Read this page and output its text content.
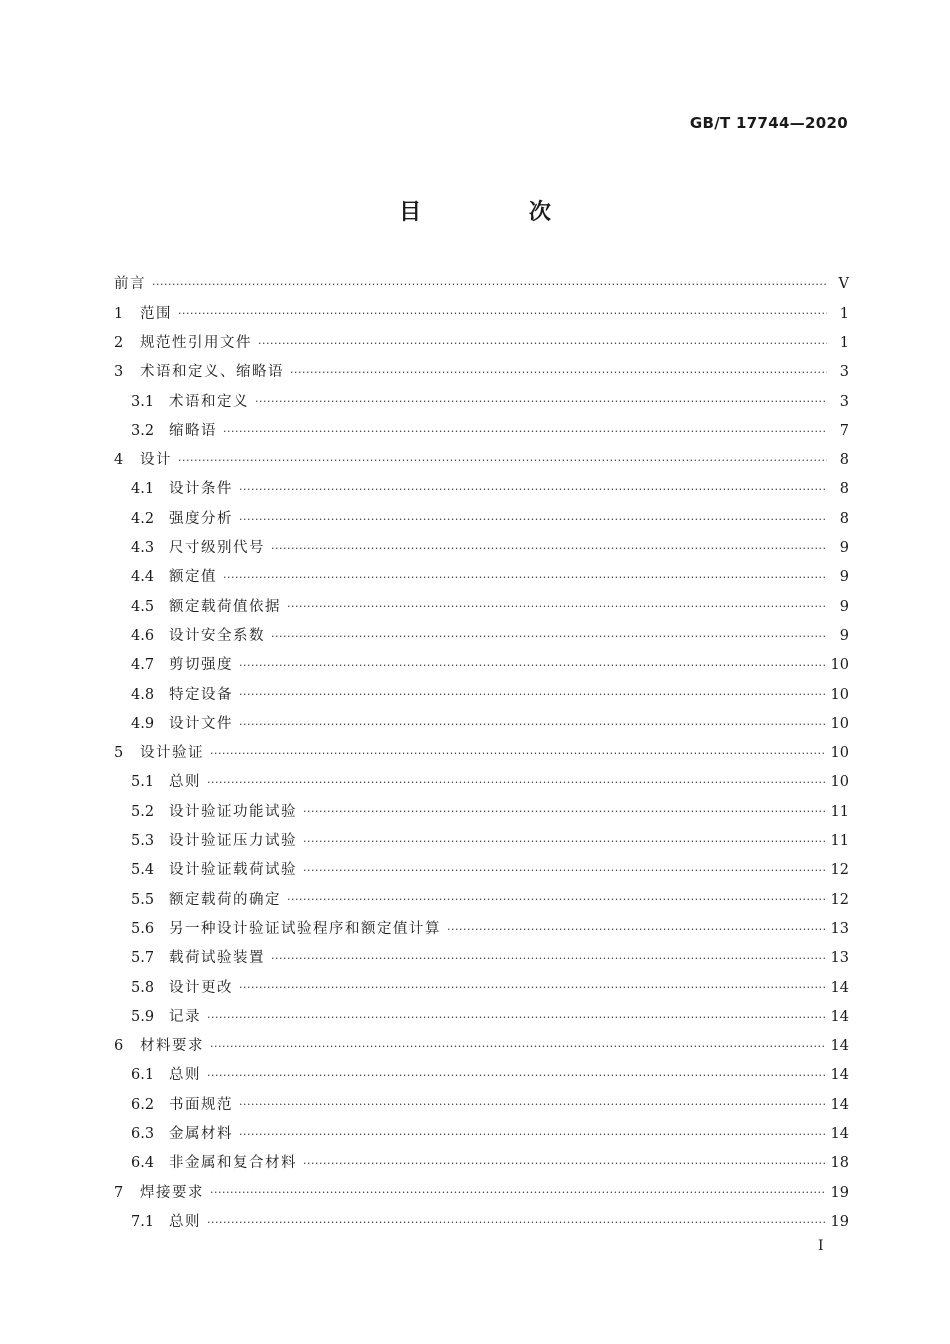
GB/T 17744—2020
目 次
前言 ·····	V
1	范围 ·····	1
2	规范性引用文件 ·····	1
3	术语和定义、缩略语 ·····	3
3.1	术语和定义 ·····	3
3.2	缩略语 ·····	7
4	设计 ·····	8
4.1	设计条件 ·····	8
4.2	强度分析 ·····	8
4.3	尺寸级别代号 ·····	9
4.4	额定值 ·····	9
4.5	额定载荷值依据 ·····	9
4.6	设计安全系数 ·····	9
4.7	剪切强度 ·····	10
4.8	特定设备 ·····	10
4.9	设计文件 ·····	10
5	设计验证 ·····	10
5.1	总则 ·····	10
5.2	设计验证功能试验 ·····	11
5.3	设计验证压力试验 ·····	11
5.4	设计验证载荷试验 ·····	12
5.5	额定载荷的确定 ·····	12
5.6	另一种设计验证试验程序和额定值计算 ·····	13
5.7	载荷试验装置 ·····	13
5.8	设计更改 ·····	14
5.9	记录 ·····	14
6	材料要求 ·····	14
6.1	总则 ·····	14
6.2	书面规范 ·····	14
6.3	金属材料 ·····	14
6.4	非金属和复合材料 ·····	18
7	焊接要求 ·····	19
7.1	总则 ·····	19
I
